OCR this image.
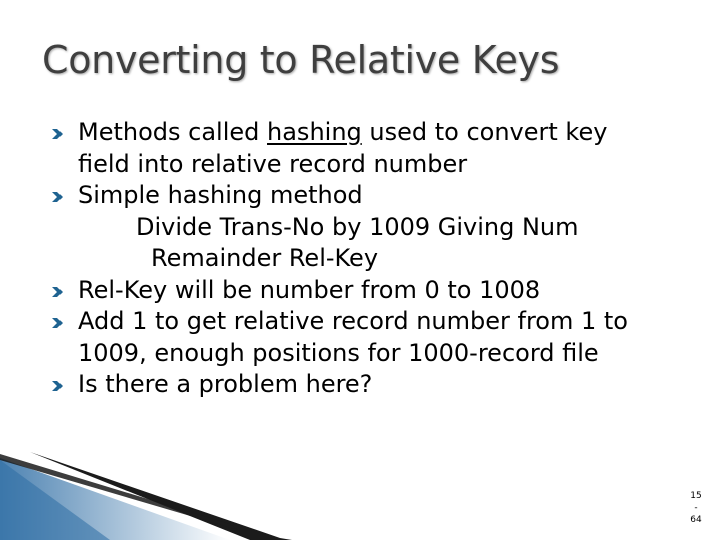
Converting to Relative Keys
Methods called hashing used to convert key
field into relative record number
Simple hashing method
Divide Trans-No by 1009 Giving Num
Remainder Rel-Key
Rel-Key will be number from 0 to 1008
Add 1 to get relative record number from 1 to
1009, enough positions for 1000-record file
Is there a problem here?
15
-
64
